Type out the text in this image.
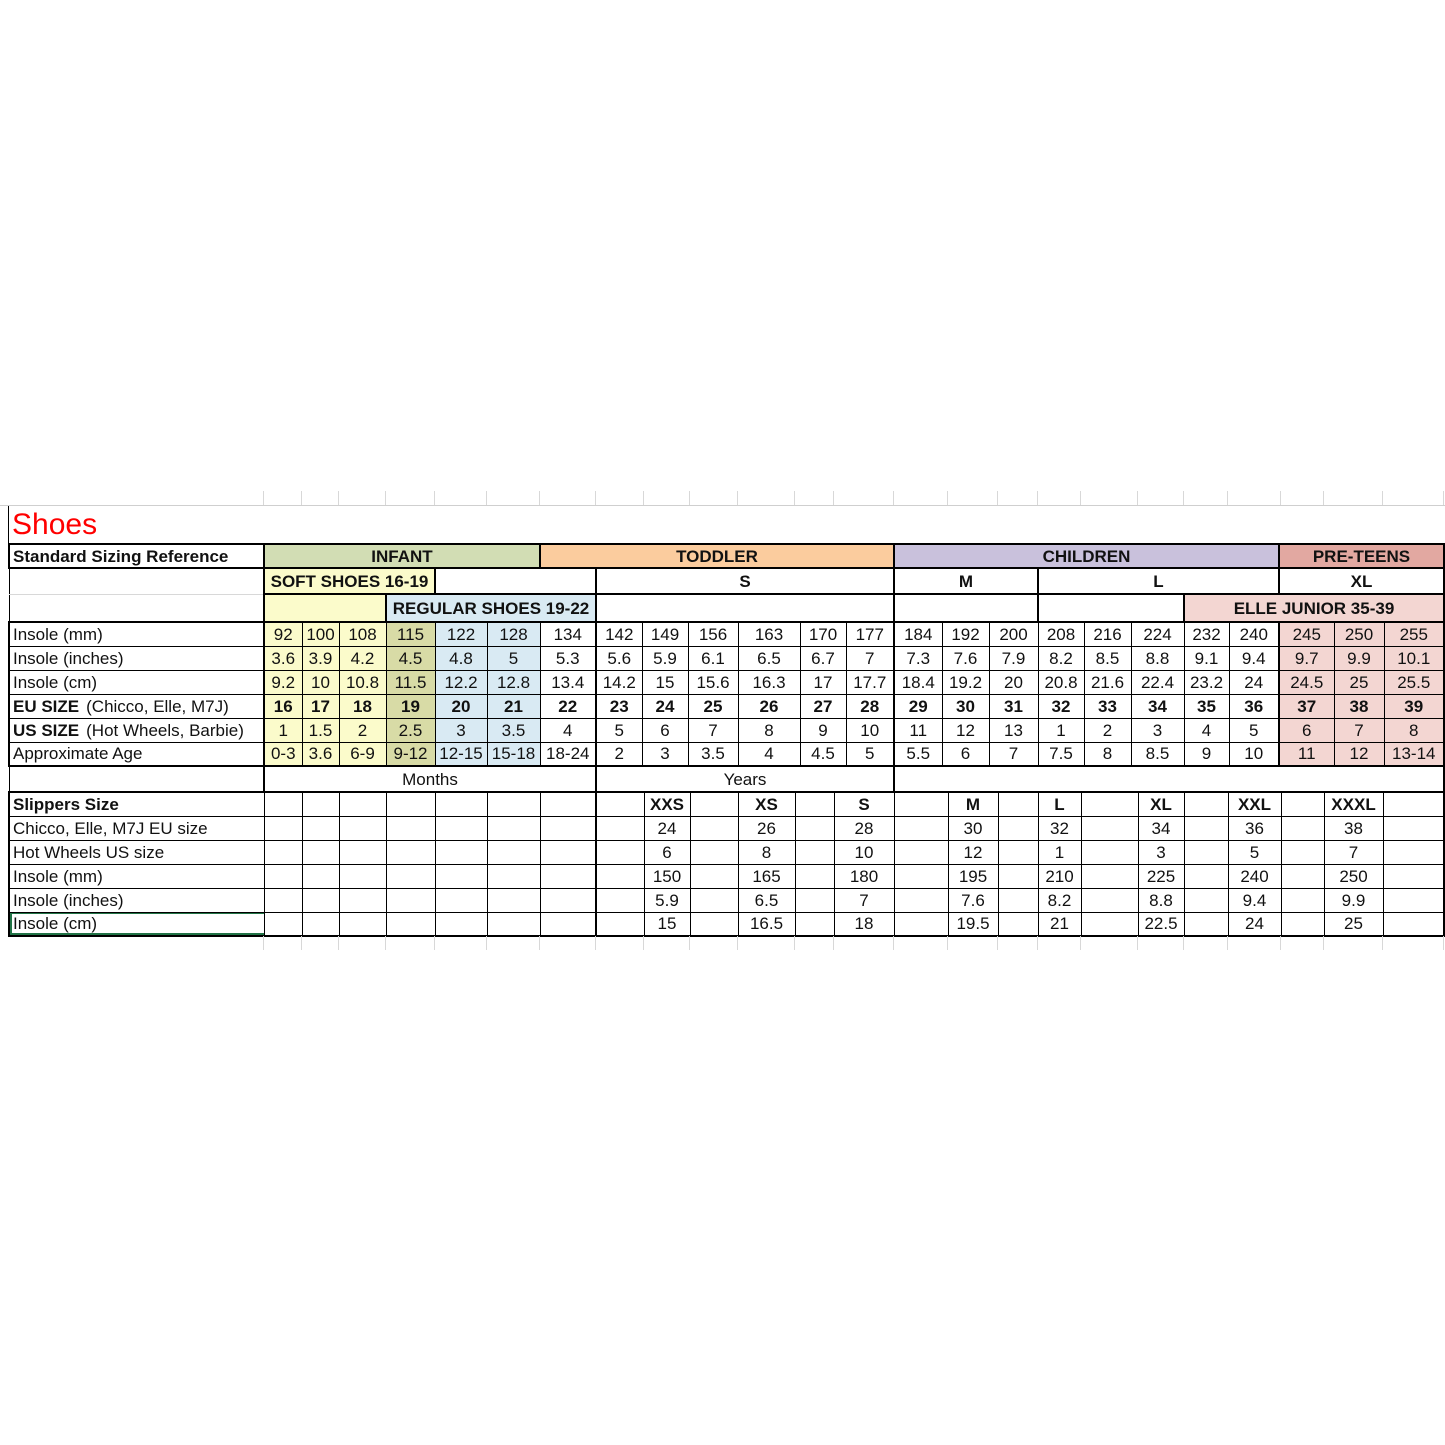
Shoes
Standard Sizing Reference	INFANT						TODDLER							CHILDREN								PRE-TEENS		
	SOFT SHOES 16-19							S						M			L					XL		
				REGULAR SHOES 19-22																ELLE JUNIOR 35-39				
Insole (mm)	92	100	108	115	122	128	134	142	149	156	163	170	177	184	192	200	208	216	224	232	240	245	250	255
Insole (inches)	3.6	3.9	4.2	4.5	4.8	5	5.3	5.6	5.9	6.1	6.5	6.7	7	7.3	7.6	7.9	8.2	8.5	8.8	9.1	9.4	9.7	9.9	10.1
Insole (cm)	9.2	10	10.8	11.5	12.2	12.8	13.4	14.2	15	15.6	16.3	17	17.7	18.4	19.2	20	20.8	21.6	22.4	23.2	24	24.5	25	25.5
EU SIZE (Chicco, Elle, M7J)	16	17	18	19	20	21	22	23	24	25	26	27	28	29	30	31	32	33	34	35	36	37	38	39
US SIZE (Hot Wheels, Barbie)	1	1.5	2	2.5	3	3.5	4	5	6	7	8	9	10	11	12	13	1	2	3	4	5	6	7	8
Approximate Age	0-3	3.6	6-9	9-12	12-15	15-18	18-24	2	3	3.5	4	4.5	5	5.5	6	7	7.5	8	8.5	9	10	11	12	13-14
	Months							Years																
Slippers Size									XXS		XS		S		M		L		XL		XXL		XXXL	
Chicco, Elle, M7J EU size									24		26		28		30		32		34		36		38	
Hot Wheels US size									6		8		10		12		1		3		5		7	
Insole (mm)									150		165		180		195		210		225		240		250	
Insole (inches)									5.9		6.5		7		7.6		8.2		8.8		9.4		9.9	
Insole (cm)									15		16.5		18		19.5		21		22.5		24		25	
